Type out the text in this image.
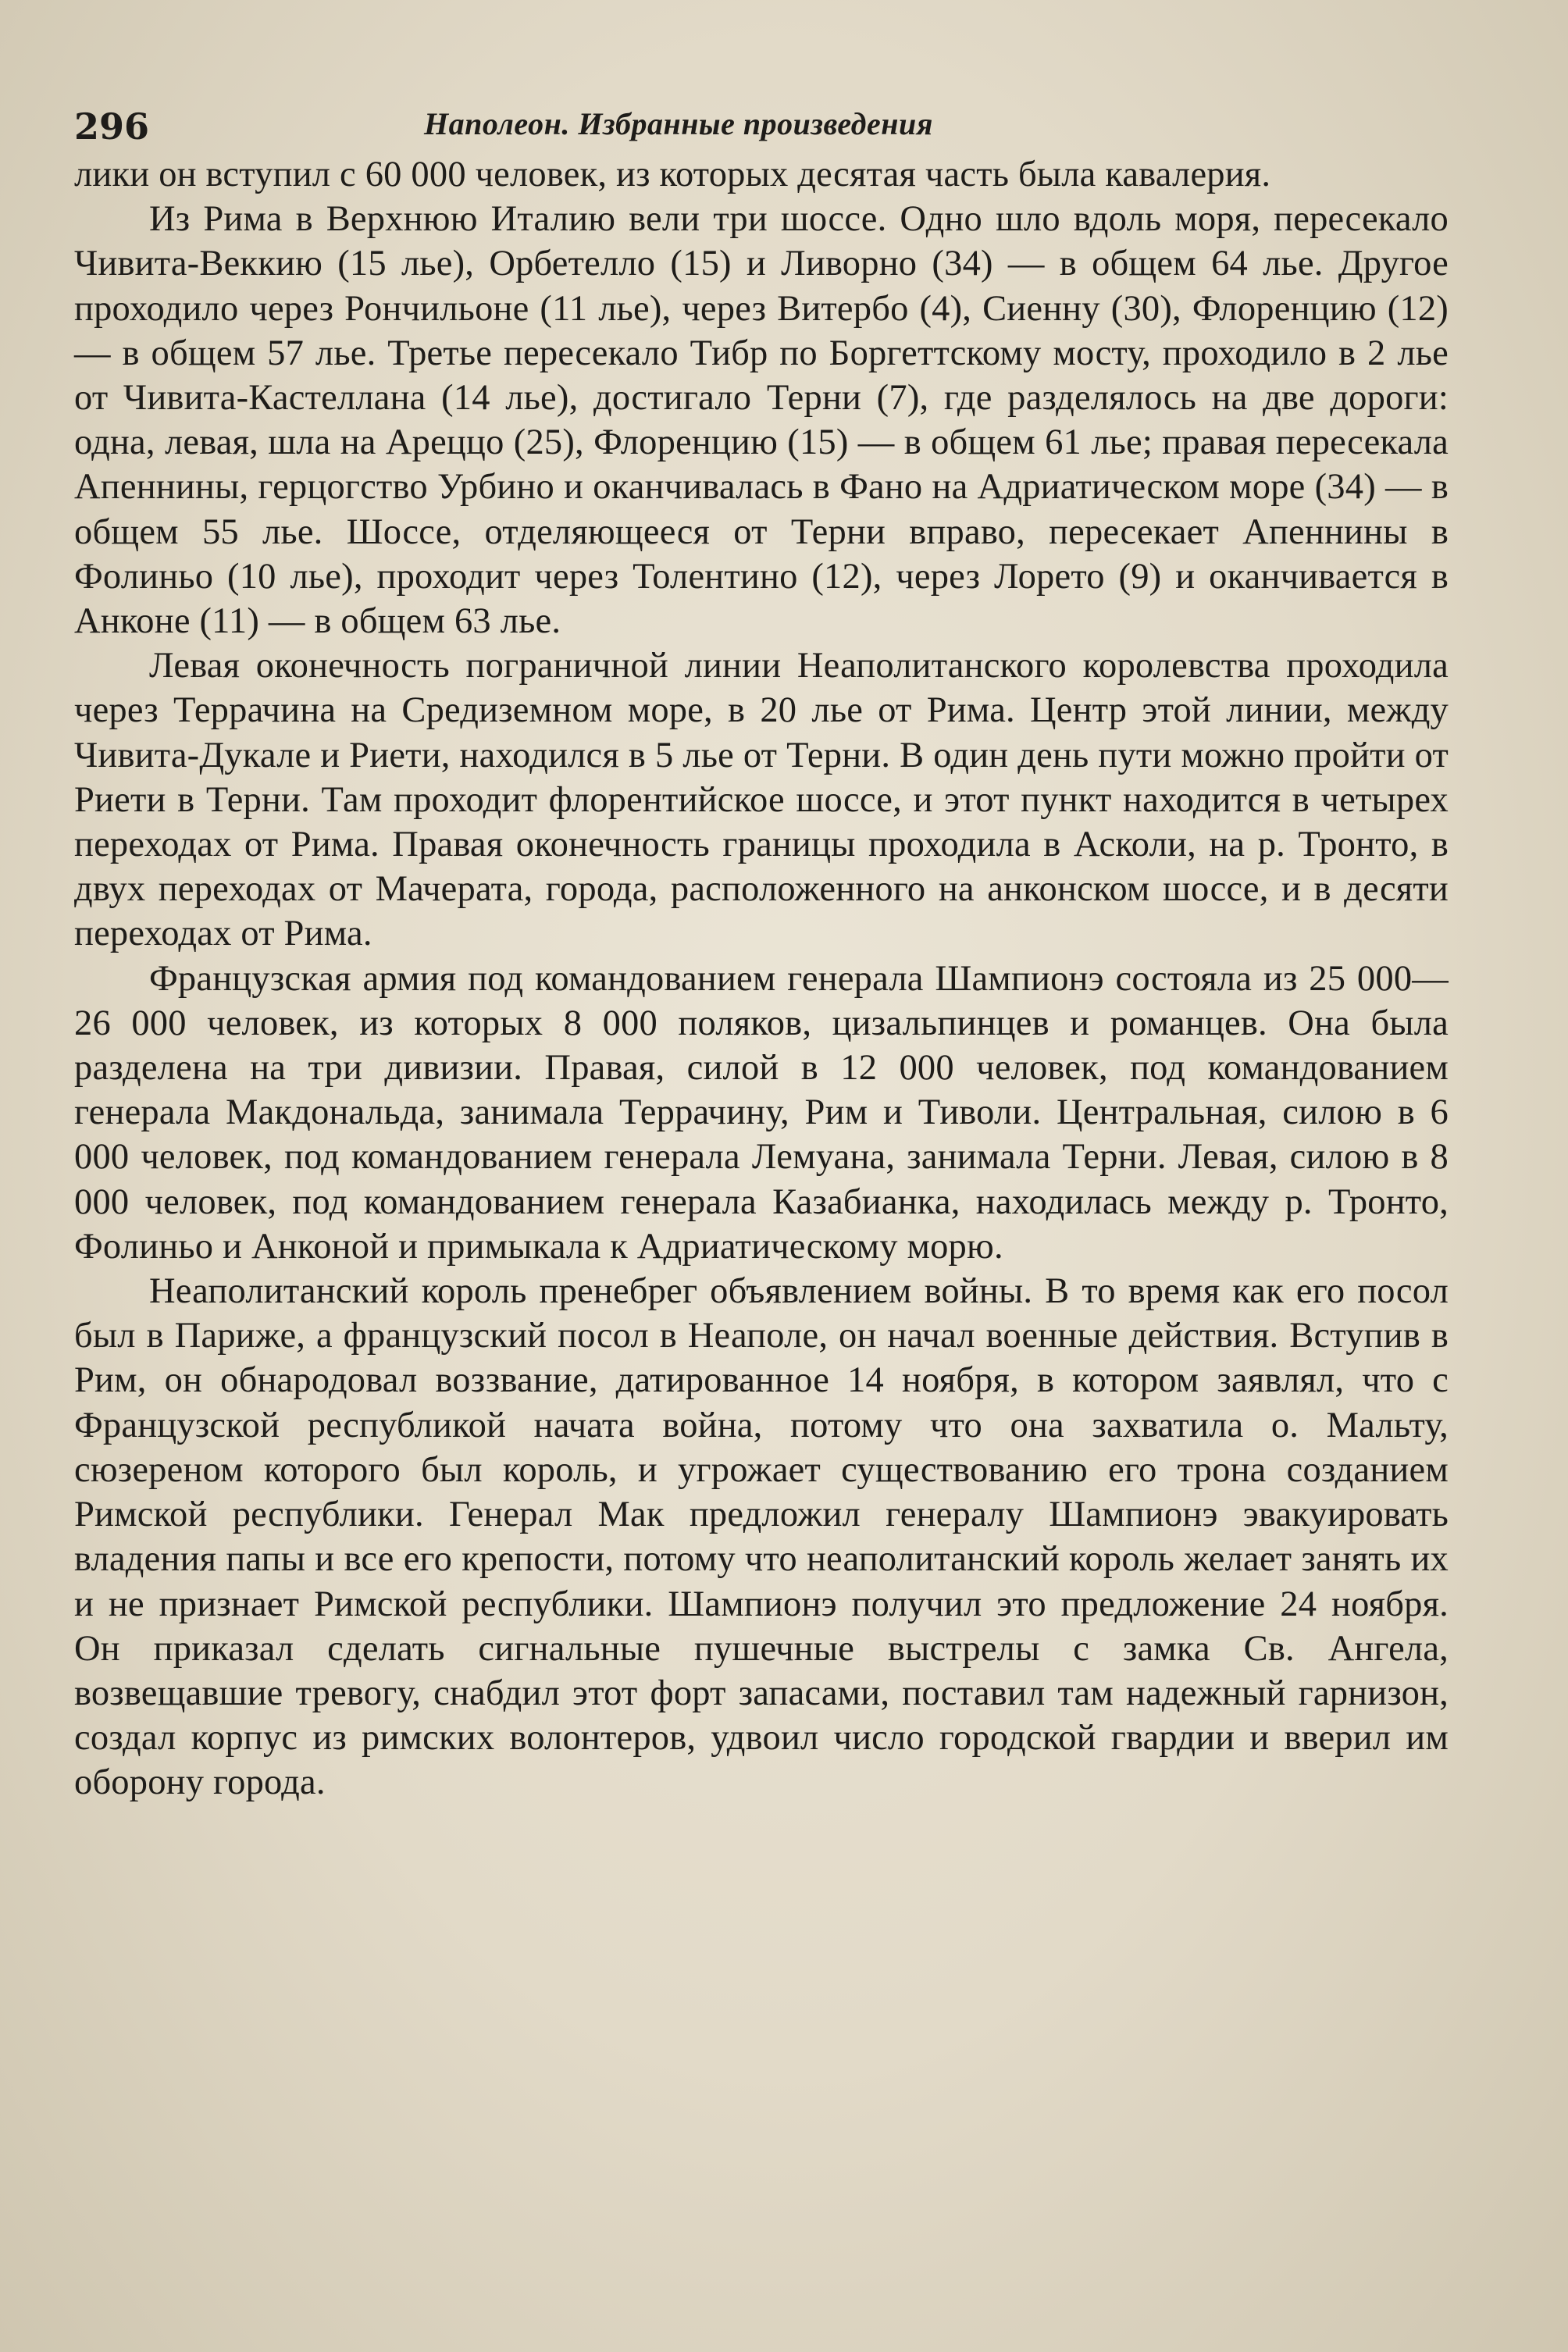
296	Наполеон. Избранные произведения

лики он вступил с 60 000 человек, из которых десятая часть была кавалерия.

Из Рима в Верхнюю Италию вели три шоссе. Одно шло вдоль моря, пересекало Чивита-Веккию (15 лье), Орбетелло (15) и Ливорно (34) — в общем 64 лье. Другое проходило через Рончильоне (11 лье), через Витербо (4), Сиенну (30), Флоренцию (12) — в общем 57 лье. Третье пересекало Тибр по Боргеттскому мосту, проходило в 2 лье от Чивита-Кастеллана (14 лье), достигало Терни (7), где разделялось на две дороги: одна, левая, шла на Ареццо (25), Флоренцию (15) — в общем 61 лье; правая пересекала Апеннины, герцогство Урбино и оканчивалась в Фано на Адриатическом море (34) — в общем 55 лье. Шоссе, отделяющееся от Терни вправо, пересекает Апеннины в Фолиньо (10 лье), проходит через Толентино (12), через Лорето (9) и оканчивается в Анконе (11) — в общем 63 лье.

Левая оконечность пограничной линии Неаполитанского королевства проходила через Террачина на Средиземном море, в 20 лье от Рима. Центр этой линии, между Чивита-Дукале и Риети, находился в 5 лье от Терни. В один день пути можно пройти от Риети в Терни. Там проходит флорентийское шоссе, и этот пункт находится в четырех переходах от Рима. Правая оконечность границы проходила в Асколи, на р. Тронто, в двух переходах от Мачерата, города, расположенного на анконском шоссе, и в десяти переходах от Рима.

Французская армия под командованием генерала Шампионэ состояла из 25 000—26 000 человек, из которых 8 000 поляков, цизальпинцев и романцев. Она была разделена на три дивизии. Правая, силой в 12 000 человек, под командованием генерала Макдональда, занимала Террачину, Рим и Тиволи. Центральная, силою в 6 000 человек, под командованием генерала Лемуана, занимала Терни. Левая, силою в 8 000 человек, под командованием генерала Казабианка, находилась между р. Тронто, Фолиньо и Анконой и примыкала к Адриатическому морю.

Неаполитанский король пренебрег объявлением войны. В то время как его посол был в Париже, а французский посол в Неаполе, он начал военные действия. Вступив в Рим, он обнародовал воззвание, датированное 14 ноября, в котором заявлял, что с Французской республикой начата война, потому что она захватила о. Мальту, сюзереном которого был король, и угрожает существованию его трона созданием Римской республики. Генерал Мак предложил генералу Шампионэ эвакуировать владения папы и все его крепости, потому что неаполитанский король желает занять их и не признает Римской республики. Шампионэ получил это предложение 24 ноября. Он приказал сделать сигнальные пушечные выстрелы с замка Св. Ангела, возвещавшие тревогу, снабдил этот форт запасами, поставил там надежный гарнизон, создал корпус из римских волонтеров, удвоил число городской гвардии и вверил им оборону города.
